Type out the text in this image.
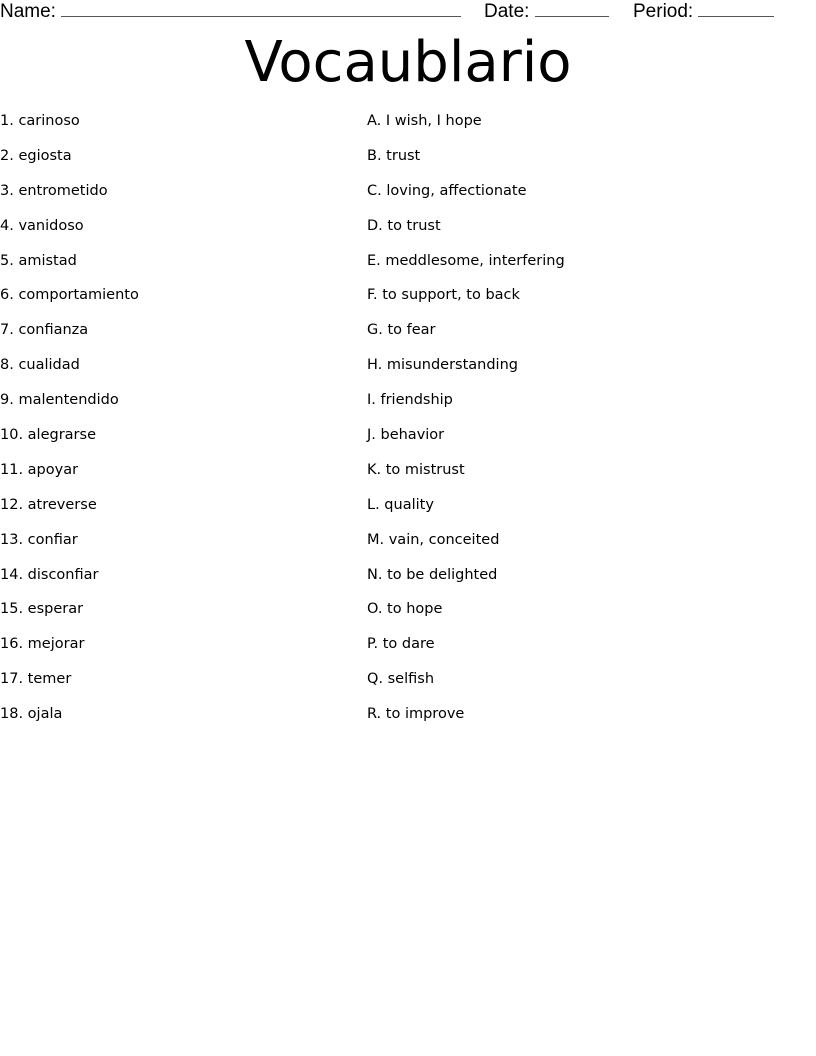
Name:	Date:	Period:
Vocaublario
1. carinoso
2. egiosta
3. entrometido
4. vanidoso
5. amistad
6. comportamiento
7. confianza
8. cualidad
9. malentendido
10. alegrarse
11. apoyar
12. atreverse
13. confiar
14. disconfiar
15. esperar
16. mejorar
17. temer
18. ojala
A. I wish, I hope
B. trust
C. loving, affectionate
D. to trust
E. meddlesome, interfering
F. to support, to back
G. to fear
H. misunderstanding
I. friendship
J. behavior
K. to mistrust
L. quality
M. vain, conceited
N. to be delighted
O. to hope
P. to dare
Q. selfish
R. to improve
